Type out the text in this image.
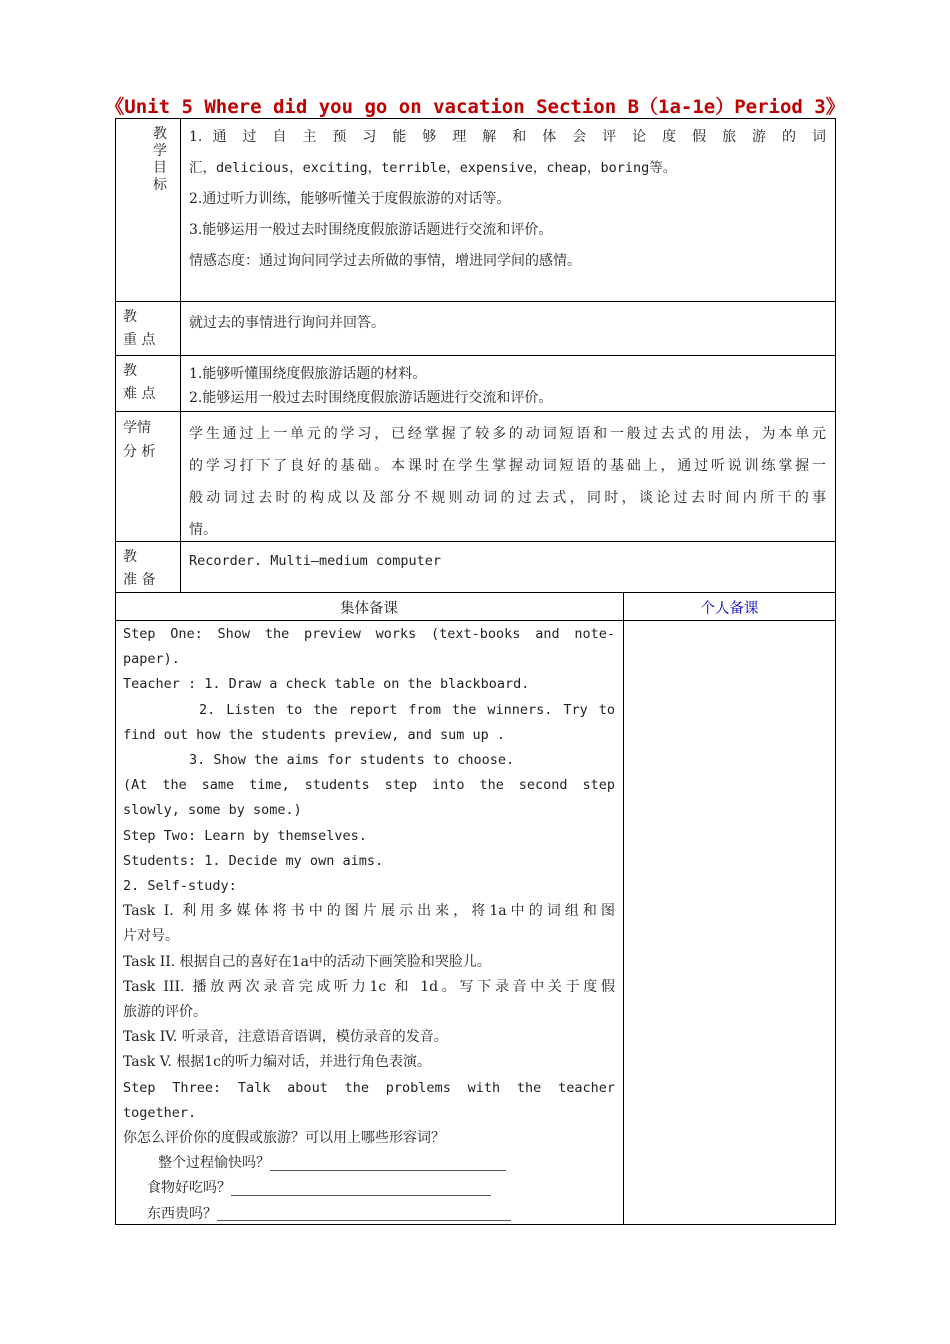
《Unit 5 Where did you go on vacation Section B（1a-1e）Period 3》
教
学
目
标
1. 通 过 自 主 预 习 能 够 理 解 和 体 会 评 论 度 假 旅 游 的 词
汇，delicious，exciting，terrible，expensive，cheap，boring等。
2.通过听力训练，能够听懂关于度假旅游的对话等。
3.能够运用一般过去时围绕度假旅游话题进行交流和评价。
情感态度：通过询问同学过去所做的事情，增进同学间的感情。
教
重 点
就过去的事情进行询问并回答。
教
难 点
1.能够听懂围绕度假旅游话题的材料。
2.能够运用一般过去时围绕度假旅游话题进行交流和评价。
学情
分 析
学生通过上一单元的学习，已经掌握了较多的动词短语和一般过去式的用法，为本单元
的学习打下了良好的基础。本课时在学生掌握动词短语的基础上，通过听说训练掌握一
般动词过去时的构成以及部分不规则动词的过去式，同时，谈论过去时间内所干的事
情。
教
准 备
Recorder. Multi—medium computer
集体备课	个人备课
Step One: Show the preview works (text-books and note-
paper).
Teacher : 1. Draw a check table on the blackboard.
2. Listen to the report from the winners. Try to
find out how the students preview, and sum up .
3. Show the aims for students to choose.
(At the same time, students step into the second step
slowly, some by some.)
Step Two: Learn by themselves.
Students: 1. Decide my own aims.
2. Self-study:
Task I. 利用多媒体将书中的图片展示出来，将1a中的词组和图
片对号。
Task II. 根据自己的喜好在1a中的活动下画笑脸和哭脸儿。
Task III. 播放两次录音完成听力1c 和 1d。写下录音中关于度假
旅游的评价。
Task IV. 听录音，注意语音语调，模仿录音的发音。
Task V. 根据1c的听力编对话，并进行角色表演。
Step Three: Talk about the problems with the teacher
together.
你怎么评价你的度假或旅游？可以用上哪些形容词？
整个过程愉快吗？
食物好吃吗？
东西贵吗？
